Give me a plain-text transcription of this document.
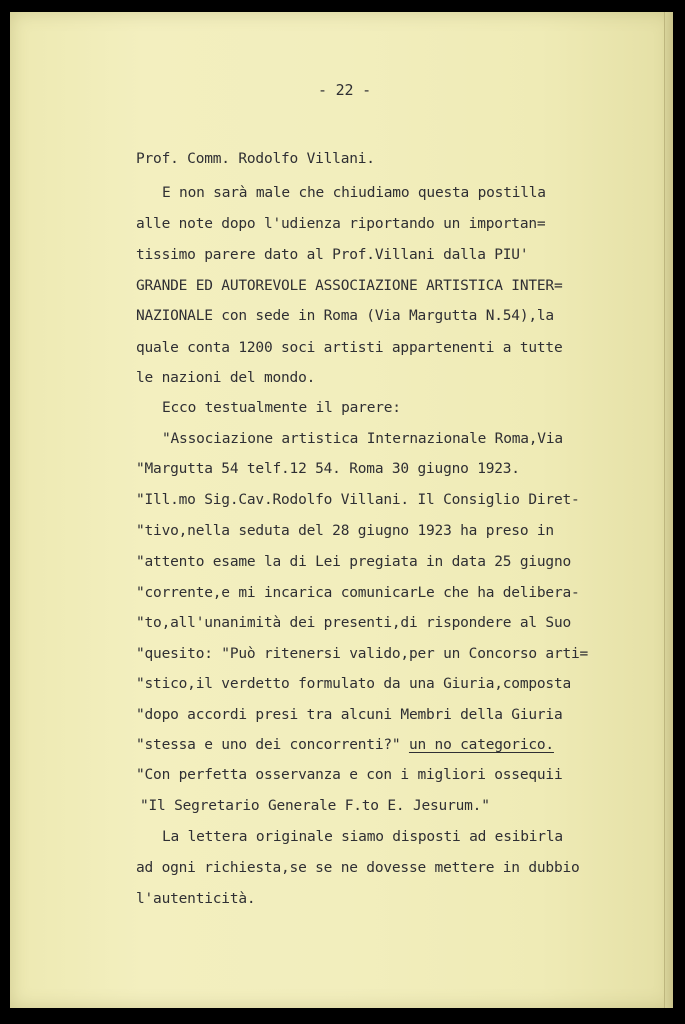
- 22 -
Prof. Comm. Rodolfo Villani.
E non sarà male che chiudiamo questa postilla
alle note dopo l'udienza riportando un importan=
tissimo parere dato al Prof.Villani dalla PIU'
GRANDE ED AUTOREVOLE ASSOCIAZIONE ARTISTICA INTER=
NAZIONALE con sede in Roma (Via Margutta N.54),la
quale conta 1200 soci artisti appartenenti a tutte
le nazioni del mondo.
Ecco testualmente il parere:
"Associazione artistica Internazionale Roma,Via
"Margutta 54 telf.12 54. Roma 30 giugno 1923.
"Ill.mo Sig.Cav.Rodolfo Villani. Il Consiglio Diret-
"tivo,nella seduta del 28 giugno 1923 ha preso in
"attento esame la di Lei pregiata in data 25 giugno
"corrente,e mi incarica comunicarLe che ha delibera-
"to,all'unanimità dei presenti,di rispondere al Suo
"quesito: "Può ritenersi valido,per un Concorso arti=
"stico,il verdetto formulato da una Giuria,composta
"dopo accordi presi tra alcuni Membri della Giuria
"stessa e uno dei concorrenti?" un no categorico.
"Con perfetta osservanza e con i migliori ossequii
"Il Segretario Generale F.to E. Jesurum."
La lettera originale siamo disposti ad esibirla
ad ogni richiesta,se se ne dovesse mettere in dubbio
l'autenticità.
